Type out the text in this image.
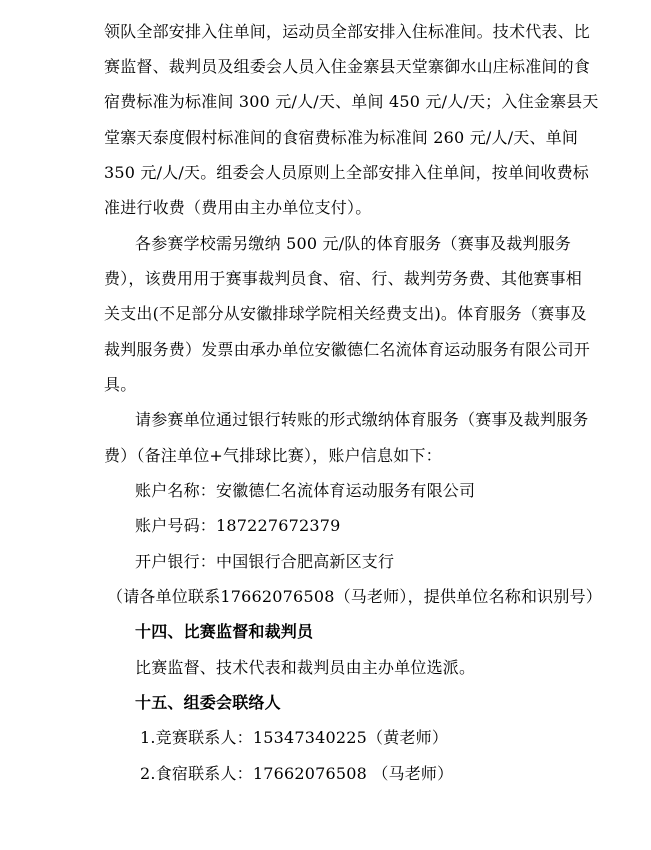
领队全部安排入住单间，运动员全部安排入住标准间。技术代表、比
赛监督、裁判员及组委会人员入住金寨县天堂寨御水山庄标准间的食
宿费标准为标准间 300 元/人/天、单间 450 元/人/天；入住金寨县天
堂寨天泰度假村标准间的食宿费标准为标准间 260 元/人/天、单间
350 元/人/天。组委会人员原则上全部安排入住单间，按单间收费标
准进行收费（费用由主办单位支付）。
各参赛学校需另缴纳 500 元/队的体育服务（赛事及裁判服务
费），该费用用于赛事裁判员食、宿、行、裁判劳务费、其他赛事相
关支出(不足部分从安徽排球学院相关经费支出)。体育服务（赛事及
裁判服务费）发票由承办单位安徽德仁名流体育运动服务有限公司开
具。
请参赛单位通过银行转账的形式缴纳体育服务（赛事及裁判服务
费）（备注单位+气排球比赛），账户信息如下：
账户名称：安徽德仁名流体育运动服务有限公司
账户号码：187227672379
开户银行：中国银行合肥高新区支行
（请各单位联系17662076508（马老师），提供单位名称和识别号）
十四、比赛监督和裁判员
比赛监督、技术代表和裁判员由主办单位选派。
十五、组委会联络人
1.竞赛联系人：15347340225（黄老师）
2.食宿联系人：17662076508 （马老师）
